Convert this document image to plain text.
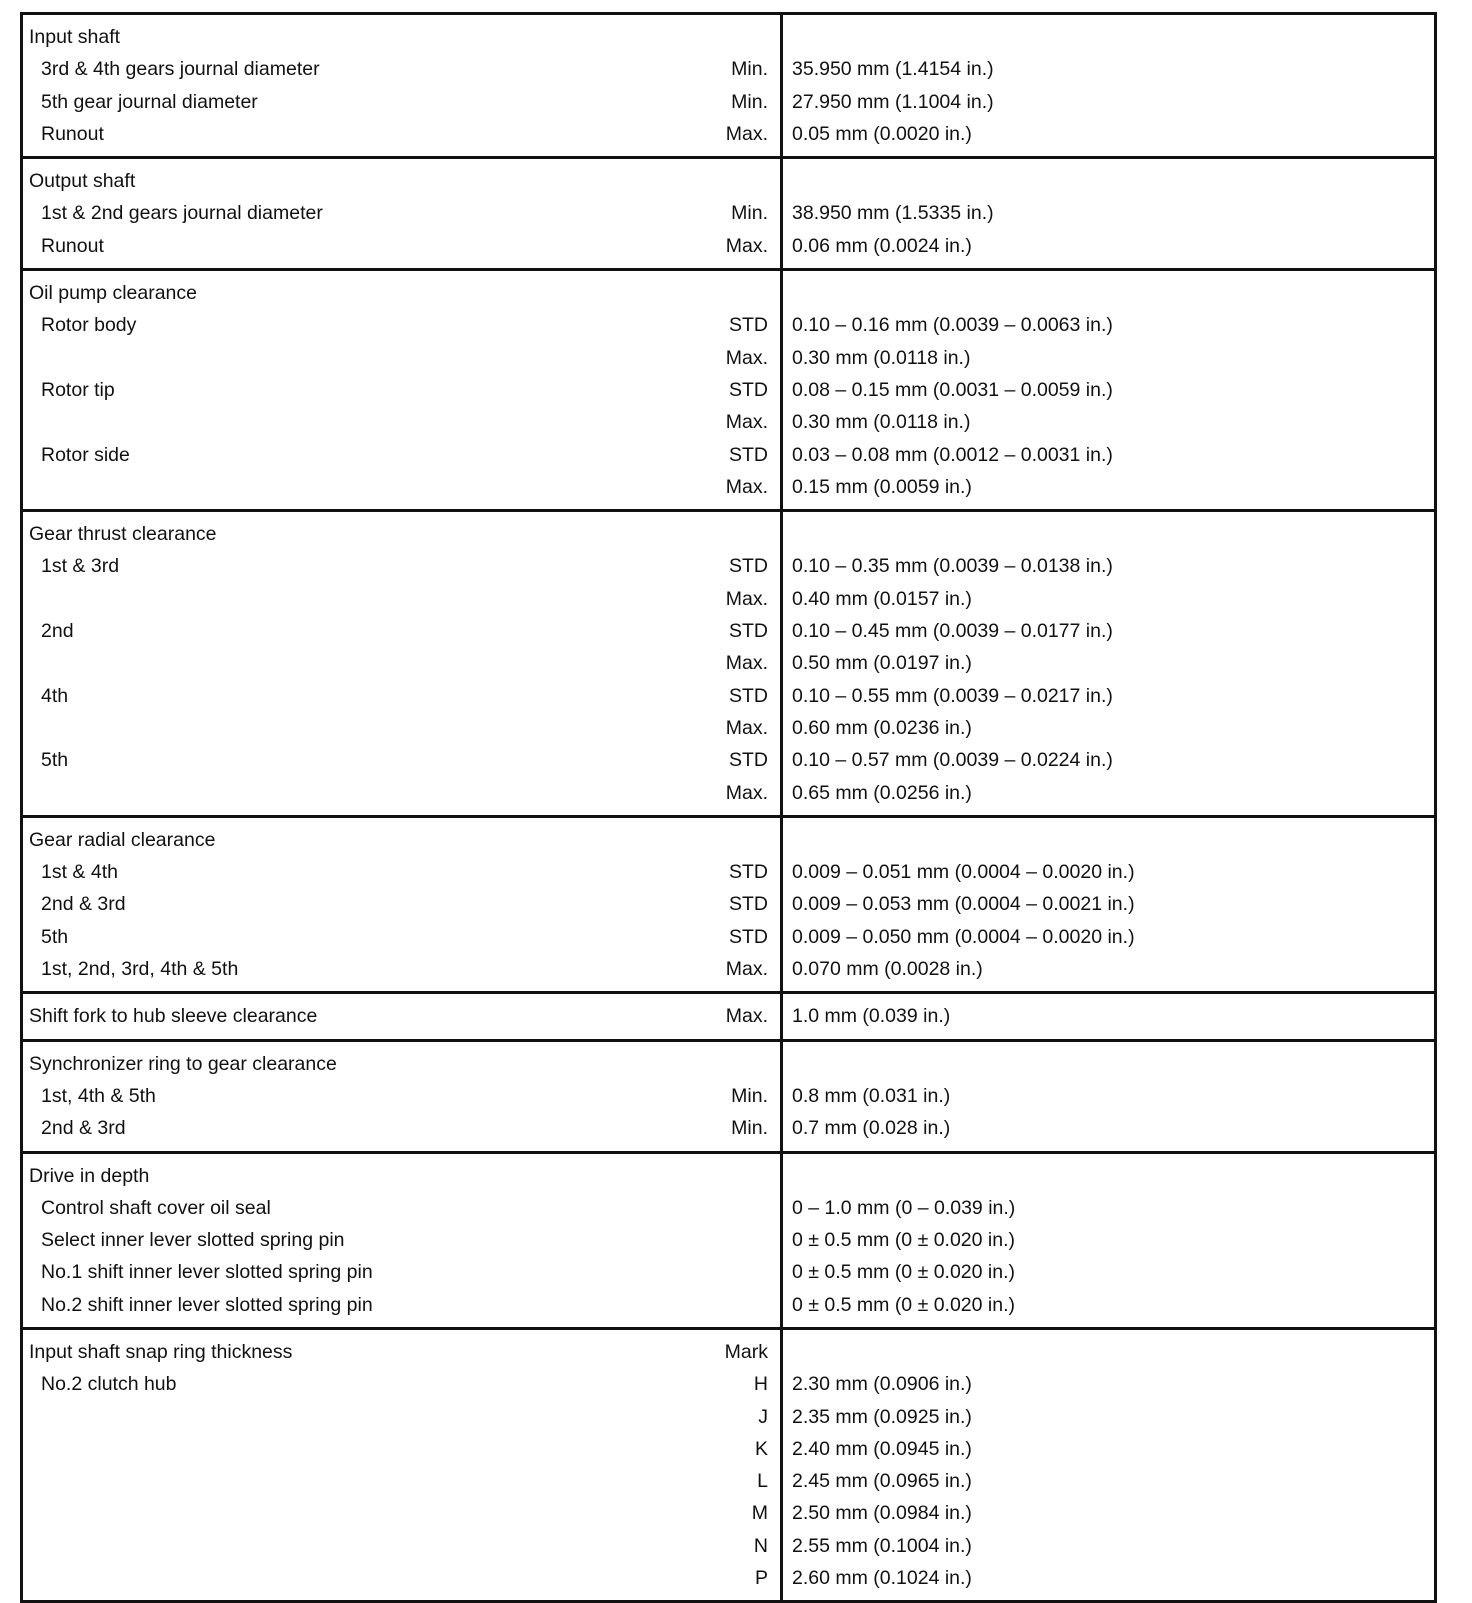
Input shaft		
3rd & 4th gears journal diameter	Min.	35.950 mm (1.4154 in.)
5th gear journal diameter	Min.	27.950 mm (1.1004 in.)
Runout	Max.	0.05 mm (0.0020 in.)
Output shaft		
1st & 2nd gears journal diameter	Min.	38.950 mm (1.5335 in.)
Runout	Max.	0.06 mm (0.0024 in.)
Oil pump clearance		
Rotor body	STD	0.10 – 0.16 mm (0.0039 – 0.0063 in.)
	Max.	0.30 mm (0.0118 in.)
Rotor tip	STD	0.08 – 0.15 mm (0.0031 – 0.0059 in.)
	Max.	0.30 mm (0.0118 in.)
Rotor side	STD	0.03 – 0.08 mm (0.0012 – 0.0031 in.)
	Max.	0.15 mm (0.0059 in.)
Gear thrust clearance		
1st & 3rd	STD	0.10 – 0.35 mm (0.0039 – 0.0138 in.)
	Max.	0.40 mm (0.0157 in.)
2nd	STD	0.10 – 0.45 mm (0.0039 – 0.0177 in.)
	Max.	0.50 mm (0.0197 in.)
4th	STD	0.10 – 0.55 mm (0.0039 – 0.0217 in.)
	Max.	0.60 mm (0.0236 in.)
5th	STD	0.10 – 0.57 mm (0.0039 – 0.0224 in.)
	Max.	0.65 mm (0.0256 in.)
Gear radial clearance		
1st & 4th	STD	0.009 – 0.051 mm (0.0004 – 0.0020 in.)
2nd & 3rd	STD	0.009 – 0.053 mm (0.0004 – 0.0021 in.)
5th	STD	0.009 – 0.050 mm (0.0004 – 0.0020 in.)
1st, 2nd, 3rd, 4th & 5th	Max.	0.070 mm (0.0028 in.)
Shift fork to hub sleeve clearance	Max.	1.0 mm (0.039 in.)
Synchronizer ring to gear clearance		
1st, 4th & 5th	Min.	0.8 mm (0.031 in.)
2nd & 3rd	Min.	0.7 mm (0.028 in.)
Drive in depth		
Control shaft cover oil seal		0 – 1.0 mm (0 – 0.039 in.)
Select inner lever slotted spring pin		0 ± 0.5 mm (0 ± 0.020 in.)
No.1 shift inner lever slotted spring pin		0 ± 0.5 mm (0 ± 0.020 in.)
No.2 shift inner lever slotted spring pin		0 ± 0.5 mm (0 ± 0.020 in.)
Input shaft snap ring thickness	Mark	
No.2 clutch hub	H	2.30 mm (0.0906 in.)
	J	2.35 mm (0.0925 in.)
	K	2.40 mm (0.0945 in.)
	L	2.45 mm (0.0965 in.)
	M	2.50 mm (0.0984 in.)
	N	2.55 mm (0.1004 in.)
	P	2.60 mm (0.1024 in.)
